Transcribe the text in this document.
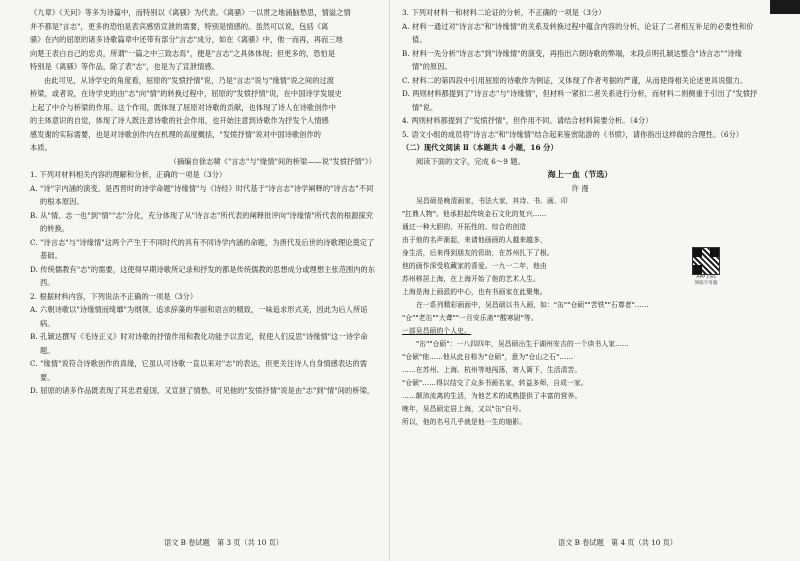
《九章》《天问》等多为诗篇中，而特别以《离骚》为代表。《离骚》一以贯之地涌脑愁思，情溢之情

并不都是"言志"，更多的恐怕是表宾感悟宣泄的需要，特别是情感的。虽然可以说，包括《离

骚》在内的屈原的诸多诗歌篇章中还带有部分"言志"成分，如在《离骚》中，他一而再，再而三地

向楚王表白自己的忠贞，所谓"一篇之中三致志焉"，便是"言志"之具体体现；但更多的，恐怕是

特别是《离骚》等作品，除了表"志"，也是为了宣泄情感。

由此可见，从诗学史的角度看，屈原的"发愤抒情"说，乃是"言志"说与"缘情"说之间的过渡

桥梁，或者说，在诗学史的由"志"向"情"的转换过程中，屈原的"发愤抒情"说，在中国诗学发展史

上起了中介与桥梁的作用。这个作用，既体现了屈原对诗歌的贡献，也体现了诗人在诗歌创作中

的主体意识的自觉，体现了诗人既注意诗歌的社会作用，也开始注意到诗歌作为抒发个人情感

感发谢的实际需要，也是对诗歌创作内在机理的高度概括，"发愤抒情"说对中国诗歌创作的

本质。

（摘编自徐志啸《"言志"与"缘情"间的桥梁——说"发愤抒情"》）

1. 下列对材料相关内容的理解和分析，正确的一项是（3分）

A. "诗"字内涵的演变，是西晋时的诗学命题"诗缘情"与《诗经》时代基于"诗言志"诗学阐释的"诗言志"不同的根本原因。

B. 从"情、志一也"到"情""志"分化，充分体现了从"诗言志"所代表的阐释批评向"诗缘情"所代表的根源探究的转换。

C. "诗言志"与"诗缘情"这两个产生于不同时代的具有不同诗学内涵的命题，为唐代及后世的诗歌理论奠定了基础。

D. 传统儒教有"志"的需要，这使得早期诗歌所记录和抒发的都是传统儒教的思想成分或理想主张范围内的东西。

2. 根据材料内容，下列说法不正确的一项是（3分）

A. 六朝诗歌以"诗缘情而绮靡"为纲领，追求辞藻的华丽和语言的精致，一味追求形式美，因此为后人所诟病。

B. 孔颖达撰写《毛诗正义》时对诗歌的抒情作用和教化功能予以肯定，促使人们反思"诗缘情"这一诗学命题。

C. "缘情"说符合诗歌创作的真缘，它虽认可诗歌一直以来对"志"的表达，但更关注诗人自身情感表达的需要。

D. 屈原的诸多作品既表现了其忠君爱国，又宣泄了情愁，可见他的"发愤抒情"说是由"志"到"情"间的桥梁。

3. 下列对材料一和材料二论证的分析，不正确的一项是（3分）

A. 材料一通过对"诗言志"和"诗缘情"的关系及转换过程中蕴含内容的分析，论证了二者相互补足的必要性和价值。

B. 材料一先分析"诗言志"到"诗缘情"的演变，再指出六朝诗歌的弊端，末段点明孔颖达整合"诗言志""诗缘情"的原因。

C. 材料二的第四段中引用屈原的诗歌作为例证，又体现了作者考据的严谨，从而使得相关论述更具说服力。

D. 两则材料都提到了"诗言志"与"诗缘情"，但材料一紧扣二者关系进行分析，而材料二则侧重于引出了"发愤抒情"说。

4. 两则材料都提到了"发愤抒情"，但作用不同。请结合材料简要分析。（4分）

5. 语文小组的成员将"诗言志"和"诗缘情"结合起来鉴赏陆游的《书愤》，请你指出这样做的合理性。（6分）

（二）现代文阅读 Ⅱ（本题共 4 小题，16 分）

阅读下面的文字，完成 6～9 题。

海上一血（节选）

许 漫

吴昌硕是晚清画家，书法大家，其诗、书、画、印

"扛鼎人物"。他承担起传统金石文化的复兴……

通过一种大胆的、开拓性的、综合的创造

由于他的名声渐起，来请他画画的人越来越多，

身生活，后来得到朋友的资助，在苏州扎下了根。

他的画作深受收藏家的喜爱。一九一二年，他由

苏州移居上海，在上海开始了他的艺术人生。

上海是海上画派的中心，也有书画家在此聚集。

在一系列精彩画面中，吴昌硕以书入画，如："缶""仓硕""苦铁""石尊者"……

"仓""老缶""大聋""一月安乐斋""酸寒尉"等。

一部吴昌硕的个人史。

"缶""仓硕"：一八四四年，吴昌硕出生于湖州安吉的一个读书人家……

"仓硕"他……他从此自称为"仓硕"，意为"仓山之石"……

……在苏州、上海、杭州等地闯荡，寄人篱下，生活清苦。

"仓硕"……得以结交了众多书画名家，转益多师，自成一家。

……颠沛流离的生活，为他艺术的成熟提供了丰富的营养。

晚年，吴昌硕定居上海，又以"缶"自号。

所以，他的名号几乎就是他一生的缩影。

APP 扫码
领取字母题
语文 B 卷试题　第 3 页（共 10 页）	语文 B 卷试题　第 4 页（共 10 页）
